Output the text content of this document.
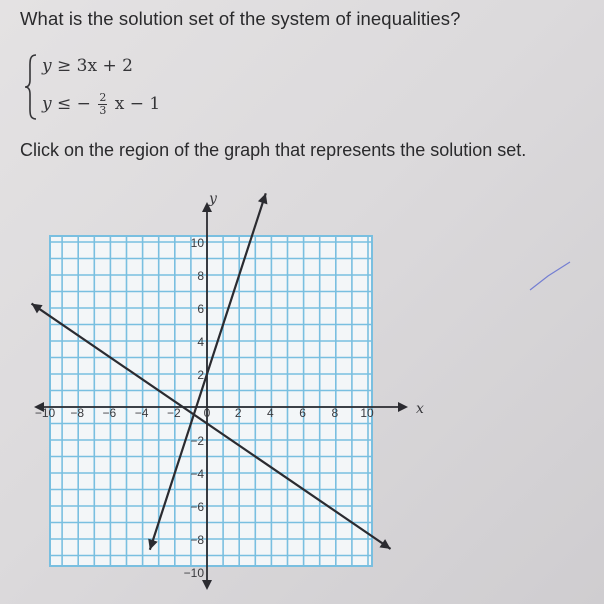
What is the solution set of the system of inequalities?
y ≥ 3x + 2
y ≤ − $\frac{2}{3}$ x − 1

Click on the region of the graph that represents the solution set.

x
y
−10 −8 −6 −4 −2 0 2 4 6 8 10
10
8
6
4
2
−2
−4
−6
−8
−10
